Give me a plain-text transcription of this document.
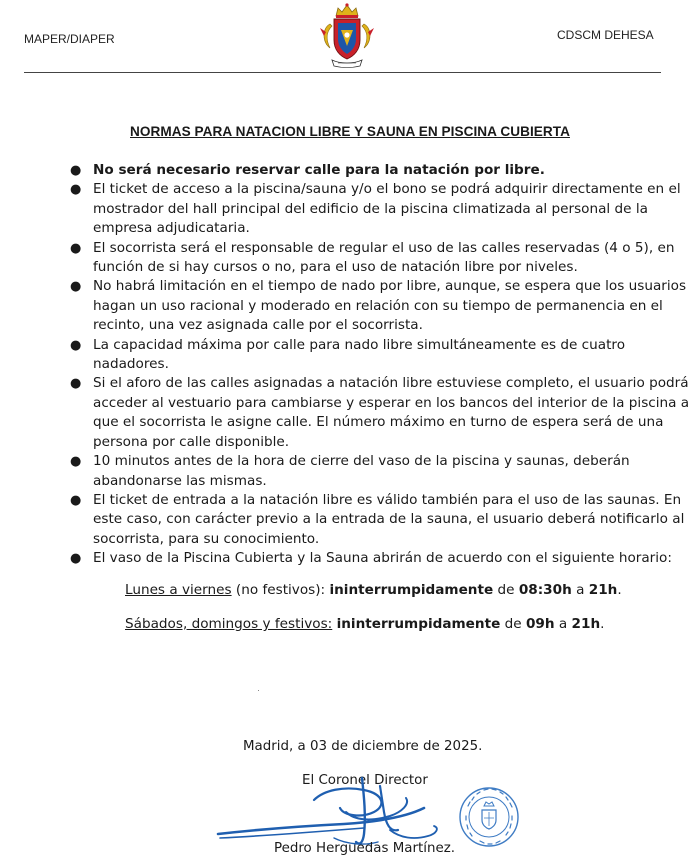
MAPER/DIAPER	CDSCM DEHESA
NORMAS PARA NATACION LIBRE Y SAUNA EN PISCINA CUBIERTA
● No será necesario reservar calle para la natación por libre.
● El ticket de acceso a la piscina/sauna y/o el bono se podrá adquirir directamente en el mostrador del hall principal del edificio de la piscina climatizada al personal de la empresa adjudicataria.
● El socorrista será el responsable de regular el uso de las calles reservadas (4 o 5), en función de si hay cursos o no, para el uso de natación libre por niveles.
● No habrá limitación en el tiempo de nado por libre, aunque, se espera que los usuarios hagan un uso racional y moderado en relación con su tiempo de permanencia en el recinto, una vez asignada calle por el socorrista.
● La capacidad máxima por calle para nado libre simultáneamente es de cuatro nadadores.
● Si el aforo de las calles asignadas a natación libre estuviese completo, el usuario podrá acceder al vestuario para cambiarse y esperar en los bancos del interior de la piscina a que el socorrista le asigne calle. El número máximo en turno de espera será de una persona por calle disponible.
● 10 minutos antes de la hora de cierre del vaso de la piscina y saunas, deberán abandonarse las mismas.
● El ticket de entrada a la natación libre es válido también para el uso de las saunas. En este caso, con carácter previo a la entrada de la sauna, el usuario deberá notificarlo al socorrista, para su conocimiento.
● El vaso de la Piscina Cubierta y la Sauna abrirán de acuerdo con el siguiente horario:
Lunes a viernes (no festivos): ininterrumpidamente de 08:30h a 21h.
Sábados, domingos y festivos: ininterrumpidamente de 09h a 21h.
Madrid, a 03 de diciembre de 2025.
El Coronel Director
Pedro Herguedas Martínez.
